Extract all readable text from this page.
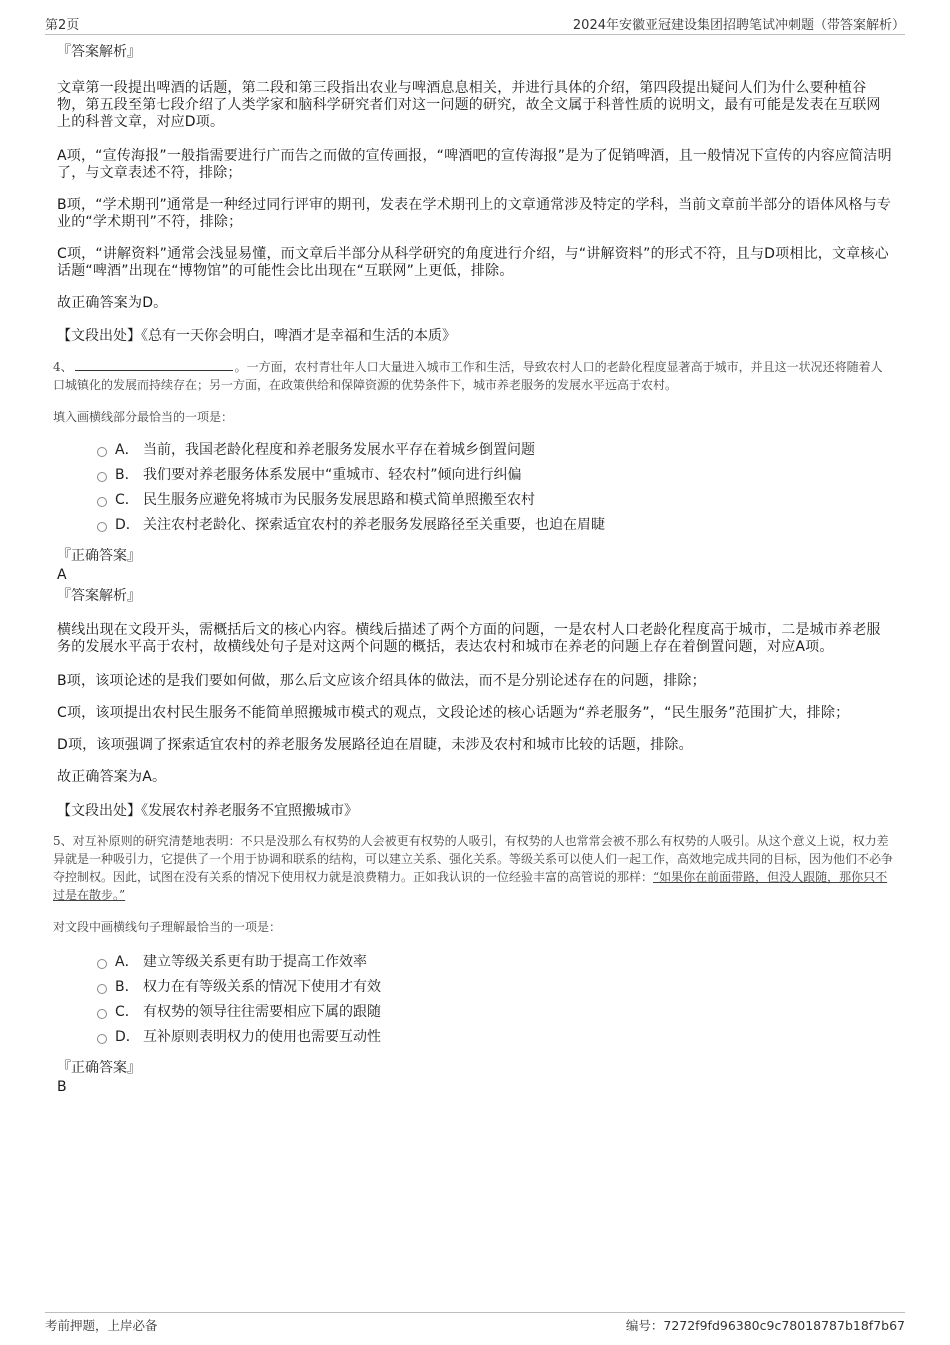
第2页	2024年安徽亚冠建设集团招聘笔试冲刺题（带答案解析）

『答案解析』

文章第一段提出啤酒的话题，第二段和第三段指出农业与啤酒息息相关，并进行具体的介绍，第四段提出疑问人们为什么要种植谷物，第五段至第七段介绍了人类学家和脑科学研究者们对这一问题的研究，故全文属于科普性质的说明文，最有可能是发表在互联网上的科普文章，对应D项。

A项，“宣传海报”一般指需要进行广而告之而做的宣传画报，“啤酒吧的宣传海报”是为了促销啤酒，且一般情况下宣传的内容应简洁明了，与文章表述不符，排除；

B项，“学术期刊”通常是一种经过同行评审的期刊，发表在学术期刊上的文章通常涉及特定的学科，当前文章前半部分的语体风格与专业的“学术期刊”不符，排除；

C项，“讲解资料”通常会浅显易懂，而文章后半部分从科学研究的角度进行介绍，与“讲解资料”的形式不符，且与D项相比，文章核心话题“啤酒”出现在“博物馆”的可能性会比出现在“互联网”上更低，排除。

故正确答案为D。

【文段出处】《总有一天你会明白，啤酒才是幸福和生活的本质》

4、	。一方面，农村青壮年人口大量进入城市工作和生活，导致农村人口的老龄化程度显著高于城市，并且这一状况还将随着人口城镇化的发展而持续存在；另一方面，在政策供给和保障资源的优势条件下，城市养老服务的发展水平远高于农村。

填入画横线部分最恰当的一项是：

A． 当前，我国老龄化程度和养老服务发展水平存在着城乡倒置问题
B． 我们要对养老服务体系发展中“重城市、轻农村”倾向进行纠偏
C． 民生服务应避免将城市为民服务发展思路和模式简单照搬至农村
D． 关注农村老龄化、探索适宜农村的养老服务发展路径至关重要，也迫在眉睫

『正确答案』

A

『答案解析』

横线出现在文段开头，需概括后文的核心内容。横线后描述了两个方面的问题，一是农村人口老龄化程度高于城市，二是城市养老服务的发展水平高于农村，故横线处句子是对这两个问题的概括，表达农村和城市在养老的问题上存在着倒置问题，对应A项。

B项，该项论述的是我们要如何做，那么后文应该介绍具体的做法，而不是分别论述存在的问题，排除；

C项，该项提出农村民生服务不能简单照搬城市模式的观点，文段论述的核心话题为“养老服务”，“民生服务”范围扩大，排除；

D项，该项强调了探索适宜农村的养老服务发展路径迫在眉睫，未涉及农村和城市比较的话题，排除。

故正确答案为A。

【文段出处】《发展农村养老服务不宜照搬城市》

5、对互补原则的研究清楚地表明：不只是没那么有权势的人会被更有权势的人吸引，有权势的人也常常会被不那么有权势的人吸引。从这个意义上说，权力差异就是一种吸引力，它提供了一个用于协调和联系的结构，可以建立关系、强化关系。等级关系可以使人们一起工作，高效地完成共同的目标，因为他们不必争夺控制权。因此，试图在没有关系的情况下使用权力就是浪费精力。正如我认识的一位经验丰富的高管说的那样：“如果你在前面带路，但没人跟随，那你只不过是在散步。”

对文段中画横线句子理解最恰当的一项是：

A． 建立等级关系更有助于提高工作效率
B． 权力在有等级关系的情况下使用才有效
C． 有权势的领导往往需要相应下属的跟随
D． 互补原则表明权力的使用也需要互动性

『正确答案』

B

考前押题，上岸必备	编号：7272f9fd96380c9c78018787b18f7b67
